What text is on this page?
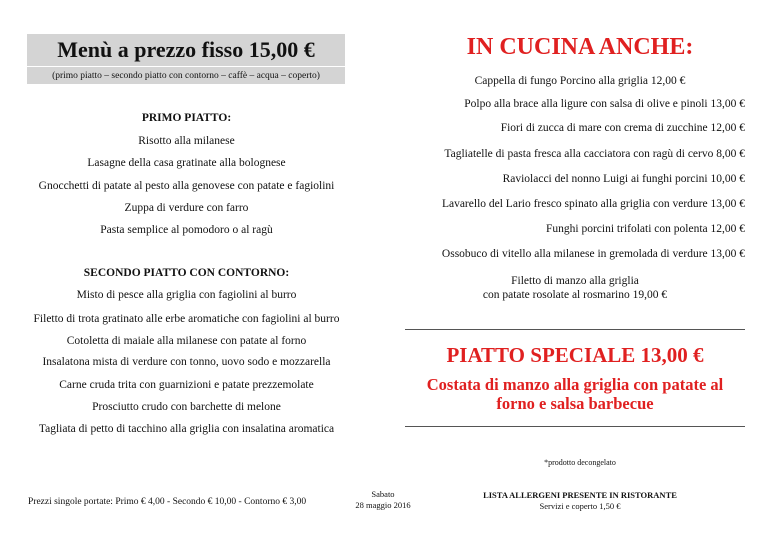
Menù a prezzo fisso 15,00 €
(primo piatto – secondo piatto con contorno – caffè – acqua – coperto)
PRIMO PIATTO:
Risotto alla milanese
Lasagne della casa gratinate alla bolognese
Gnocchetti di patate al pesto alla genovese con patate e fagiolini
Zuppa di verdure con farro
Pasta semplice al pomodoro o al ragù
SECONDO PIATTO CON CONTORNO:
Misto di pesce alla griglia con fagiolini al burro
Filetto di trota gratinato alle erbe aromatiche con fagiolini al burro
Cotoletta di maiale alla milanese con patate al forno
Insalatona mista di verdure con tonno, uovo sodo e mozzarella
Carne cruda trita con guarnizioni e patate prezzemolate
Prosciutto crudo con barchette di melone
Tagliata di petto di tacchino alla griglia con insalatina aromatica
IN CUCINA ANCHE:
Cappella di fungo Porcino alla griglia 12,00 €
Polpo alla brace alla ligure con salsa di olive e pinoli 13,00 €
Fiori di zucca di mare con crema di zucchine 12,00 €
Tagliatelle di pasta fresca alla cacciatora con ragù di cervo 8,00 €
Raviolacci del nonno Luigi ai funghi porcini 10,00 €
Lavarello del Lario fresco spinato alla griglia con verdure 13,00 €
Funghi porcini trifolati con polenta 12,00 €
Ossobuco di vitello alla milanese in gremolada di verdure 13,00 €
Filetto di manzo alla griglia
con patate rosolate al rosmarino 19,00 €
PIATTO SPECIALE 13,00 €
Costata di manzo alla griglia con patate al
forno e salsa barbecue
*prodotto decongelato
Prezzi singole portate: Primo € 4,00 - Secondo € 10,00 - Contorno € 3,00
Sabato
28 maggio 2016
LISTA ALLERGENI PRESENTE IN RISTORANTE
Servizi e coperto 1,50 €
